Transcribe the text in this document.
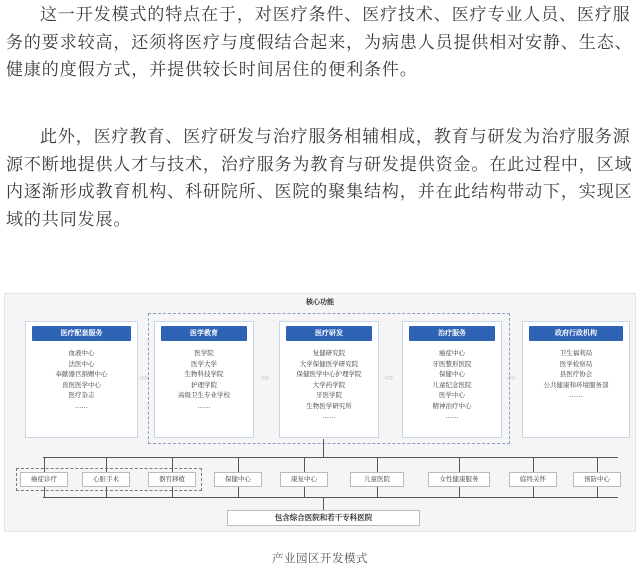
这一开发模式的特点在于，对医疗条件、医疗技术、医疗专业人员、医疗服务的要求较高，还须将医疗与度假结合起来，为病患人员提供相对安静、生态、健康的度假方式，并提供较长时间居住的便利条件。

此外，医疗教育、医疗研发与治疗服务相辅相成，教育与研发为治疗服务源源不断地提供人才与技术，治疗服务为教育与研发提供资金。在此过程中，区域内逐渐形成教育机构、科研院所、医院的聚集结构，并在此结构带动下，实现区域的共同发展。

核心功能
医疗配套服务
血液中心
法医中心
奉献器官捐赠中心
兽医医学中心
医疗杂志
……
医学教育
医学院
医学大学
生物科技学院
护理学院
高级卫生专业学校
……
医疗研发
复健研究院
大学保健医学研究院
保健医学中心护理学院
大学药学院
牙医学院
生物医学研究所
……
治疗服务
癌症中心
牙医整形医院
保健中心
儿童纪念医院
医学中心
精神治疗中心
……
政府行政机构
卫生福利局
医学检察局
县医疗协会
公共健康和环境服务部
……
⇨	⇨	⇨	⇦
癌症诊疗	心脏手术	器官移植	保健中心	康复中心	儿童医院	女性健康服务	临终关怀	预防中心
包含综合医院和若干专科医院
产业园区开发模式
